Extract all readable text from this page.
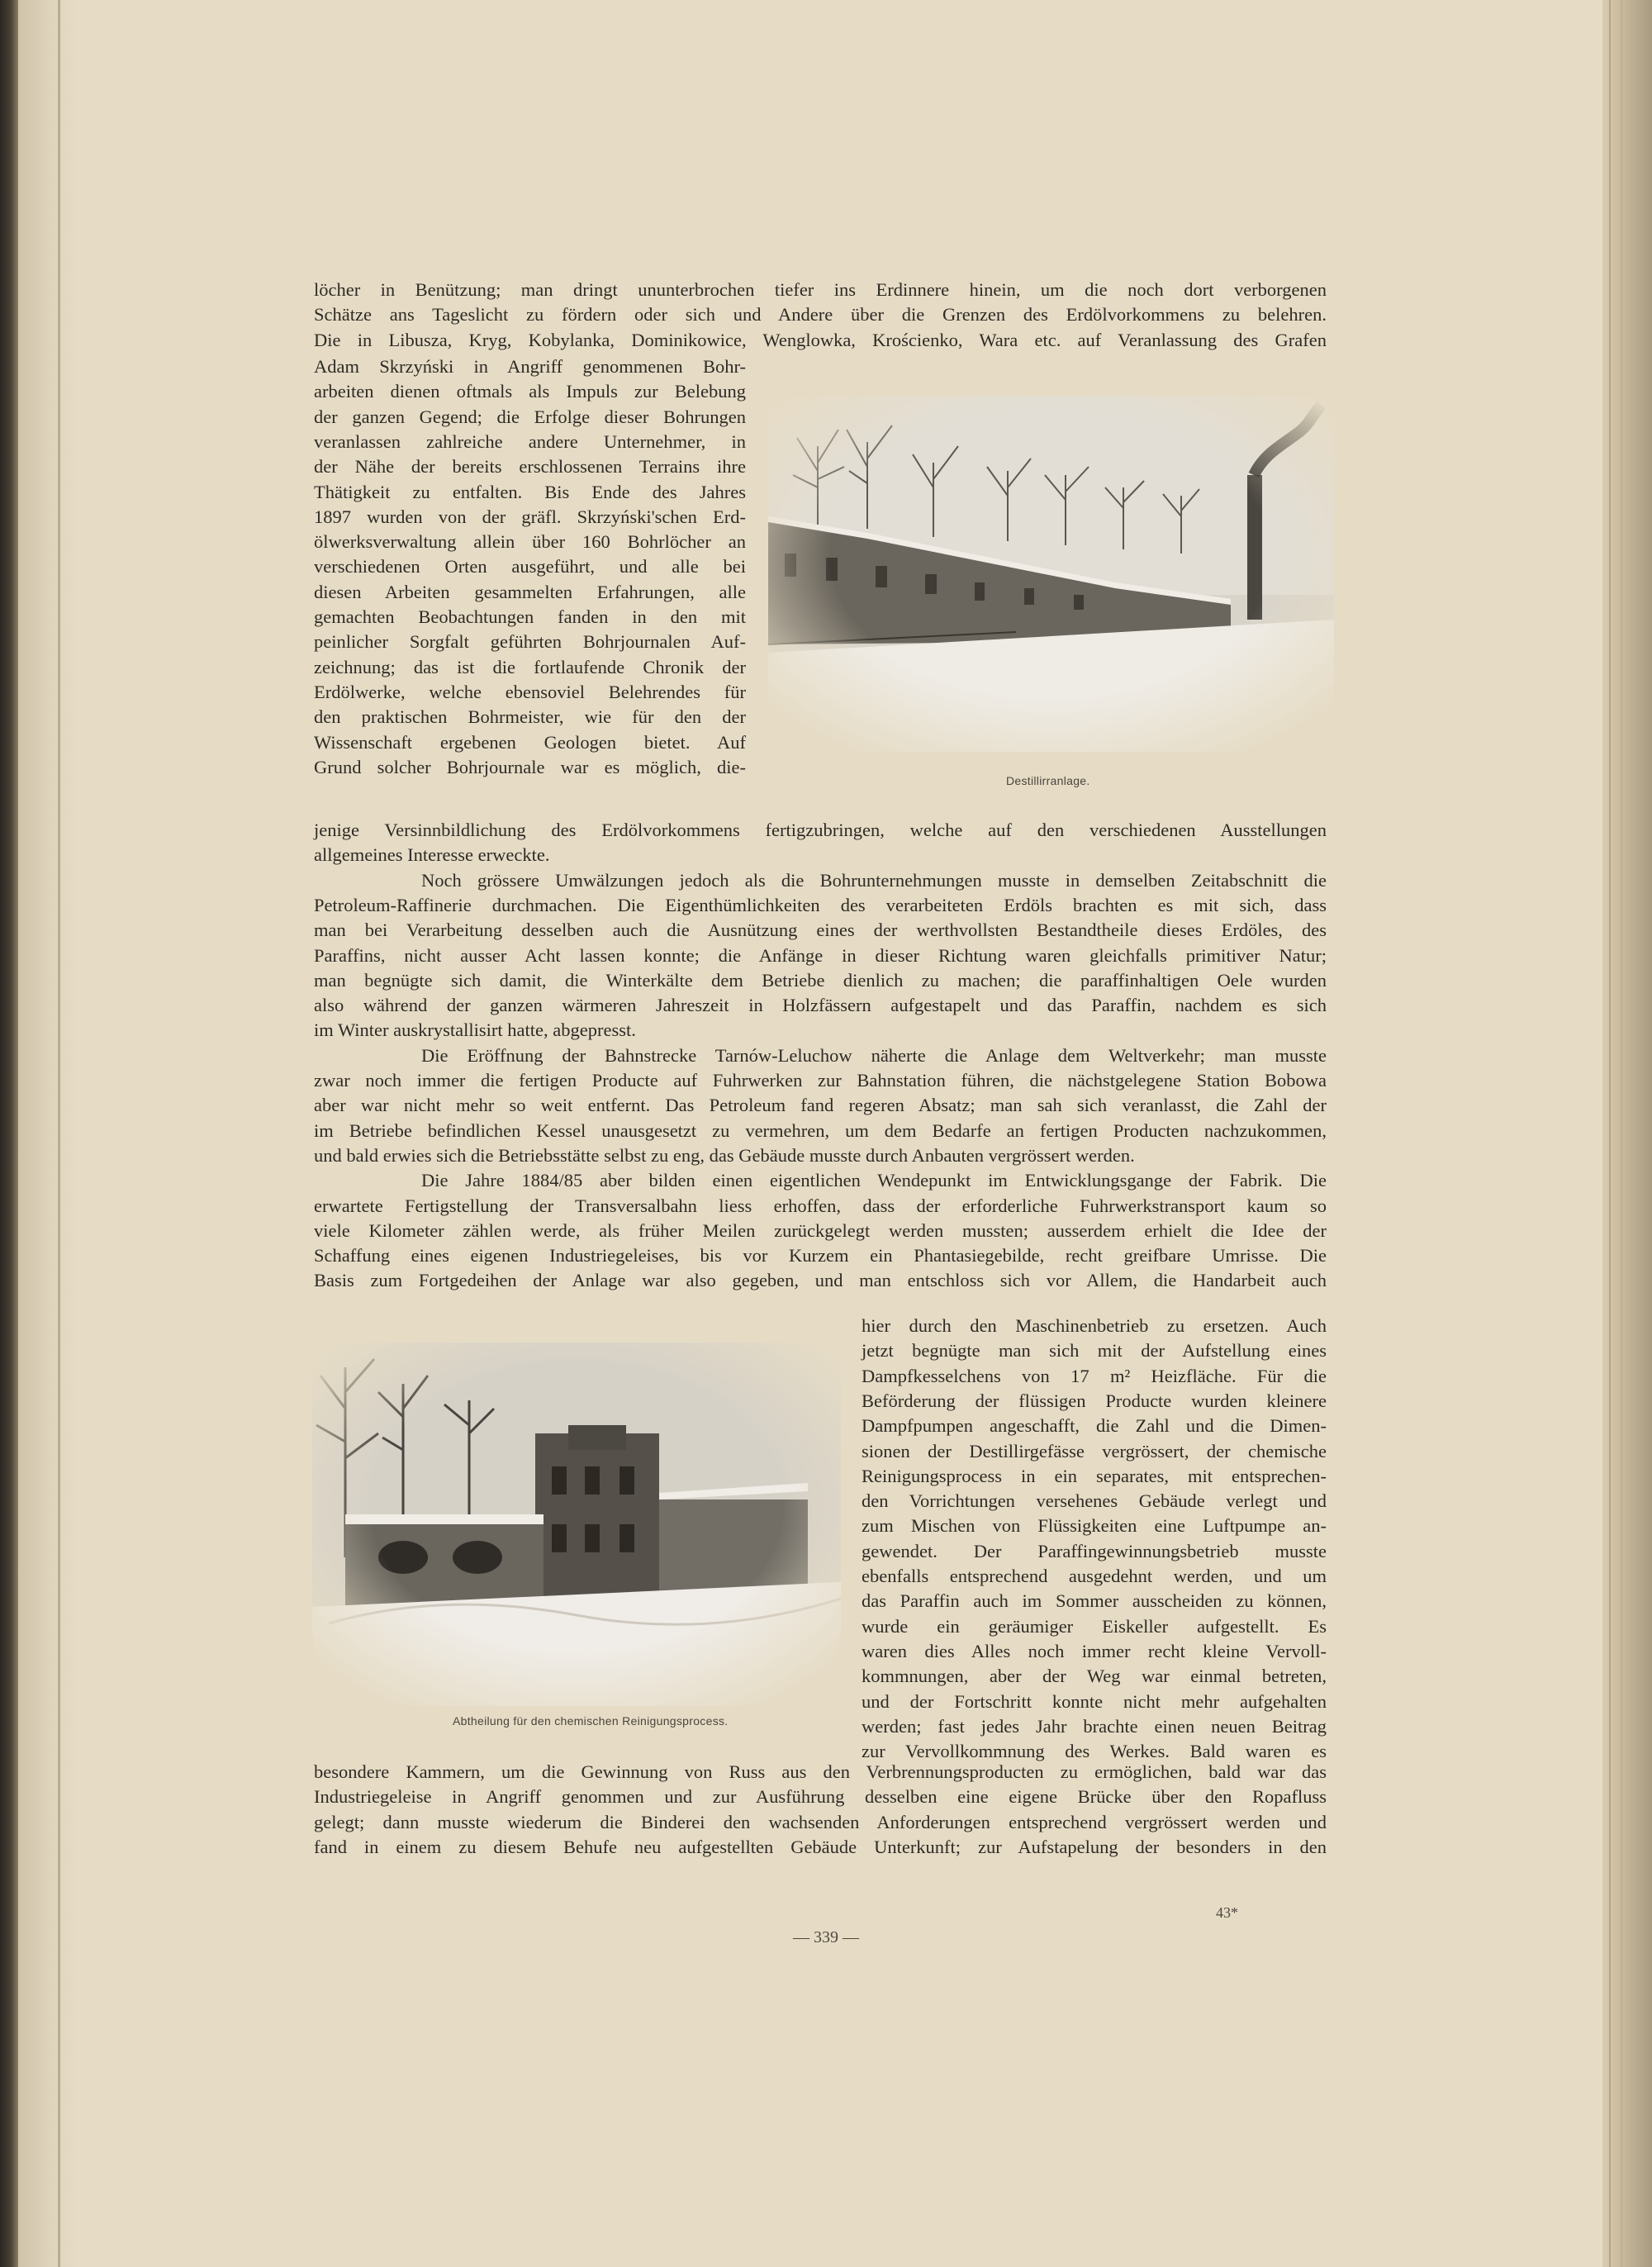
löcher in Benützung; man dringt ununterbrochen tiefer ins Erdinnere hinein, um die noch dort verborgenen
Schätze ans Tageslicht zu fördern oder sich und Andere über die Grenzen des Erdölvorkommens zu belehren.
Die in Libusza, Kryg, Kobylanka, Dominikowice, Wenglowka, Krościenko, Wara etc. auf Veranlassung des Grafen
Adam Skrzyński in Angriff genommenen Bohr-
arbeiten dienen oftmals als Impuls zur Belebung
der ganzen Gegend; die Erfolge dieser Bohrungen
veranlassen zahlreiche andere Unternehmer, in
der Nähe der bereits erschlossenen Terrains ihre
Thätigkeit zu entfalten. Bis Ende des Jahres
1897 wurden von der gräfl. Skrzyński'schen Erd-
ölwerksverwaltung allein über 160 Bohrlöcher an
verschiedenen Orten ausgeführt, und alle bei
diesen Arbeiten gesammelten Erfahrungen, alle
gemachten Beobachtungen fanden in den mit
peinlicher Sorgfalt geführten Bohrjournalen Auf-
zeichnung; das ist die fortlaufende Chronik der
Erdölwerke, welche ebensoviel Belehrendes für
den praktischen Bohrmeister, wie für den der
Wissenschaft ergebenen Geologen bietet. Auf
Grund solcher Bohrjournale war es möglich, die-
Destillirranlage.
jenige Versinnbildlichung des Erdölvorkommens fertigzubringen, welche auf den verschiedenen Ausstellungen
allgemeines Interesse erweckte.
Noch grössere Umwälzungen jedoch als die Bohrunternehmungen musste in demselben Zeitabschnitt die
Petroleum-Raffinerie durchmachen. Die Eigenthümlichkeiten des verarbeiteten Erdöls brachten es mit sich, dass
man bei Verarbeitung desselben auch die Ausnützung eines der werthvollsten Bestandtheile dieses Erdöles, des
Paraffins, nicht ausser Acht lassen konnte; die Anfänge in dieser Richtung waren gleichfalls primitiver Natur;
man begnügte sich damit, die Winterkälte dem Betriebe dienlich zu machen; die paraffinhaltigen Oele wurden
also während der ganzen wärmeren Jahreszeit in Holzfässern aufgestapelt und das Paraffin, nachdem es sich
im Winter auskrystallisirt hatte, abgepresst.
Die Eröffnung der Bahnstrecke Tarnów-Leluchow näherte die Anlage dem Weltverkehr; man musste
zwar noch immer die fertigen Producte auf Fuhrwerken zur Bahnstation führen, die nächstgelegene Station Bobowa
aber war nicht mehr so weit entfernt. Das Petroleum fand regeren Absatz; man sah sich veranlasst, die Zahl der
im Betriebe befindlichen Kessel unausgesetzt zu vermehren, um dem Bedarfe an fertigen Producten nachzukommen,
und bald erwies sich die Betriebsstätte selbst zu eng, das Gebäude musste durch Anbauten vergrössert werden.
Die Jahre 1884/85 aber bilden einen eigentlichen Wendepunkt im Entwicklungsgange der Fabrik. Die
erwartete Fertigstellung der Transversalbahn liess erhoffen, dass der erforderliche Fuhrwerkstransport kaum so
viele Kilometer zählen werde, als früher Meilen zurückgelegt werden mussten; ausserdem erhielt die Idee der
Schaffung eines eigenen Industriegeleises, bis vor Kurzem ein Phantasiegebilde, recht greifbare Umrisse. Die
Basis zum Fortgedeihen der Anlage war also gegeben, und man entschloss sich vor Allem, die Handarbeit auch
Abtheilung für den chemischen Reinigungsprocess.
hier durch den Maschinenbetrieb zu ersetzen. Auch
jetzt begnügte man sich mit der Aufstellung eines
Dampfkesselchens von 17 m² Heizfläche. Für die
Beförderung der flüssigen Producte wurden kleinere
Dampfpumpen angeschafft, die Zahl und die Dimen-
sionen der Destillirgefässe vergrössert, der chemische
Reinigungsprocess in ein separates, mit entsprechen-
den Vorrichtungen versehenes Gebäude verlegt und
zum Mischen von Flüssigkeiten eine Luftpumpe an-
gewendet. Der Paraffingewinnungsbetrieb musste
ebenfalls entsprechend ausgedehnt werden, und um
das Paraffin auch im Sommer ausscheiden zu können,
wurde ein geräumiger Eiskeller aufgestellt. Es
waren dies Alles noch immer recht kleine Vervoll-
kommnungen, aber der Weg war einmal betreten,
und der Fortschritt konnte nicht mehr aufgehalten
werden; fast jedes Jahr brachte einen neuen Beitrag
zur Vervollkommnung des Werkes. Bald waren es
besondere Kammern, um die Gewinnung von Russ aus den Verbrennungsproducten zu ermöglichen, bald war das
Industriegeleise in Angriff genommen und zur Ausführung desselben eine eigene Brücke über den Ropafluss
gelegt; dann musste wiederum die Binderei den wachsenden Anforderungen entsprechend vergrössert werden und
fand in einem zu diesem Behufe neu aufgestellten Gebäude Unterkunft; zur Aufstapelung der besonders in den
— 339 —
43*
